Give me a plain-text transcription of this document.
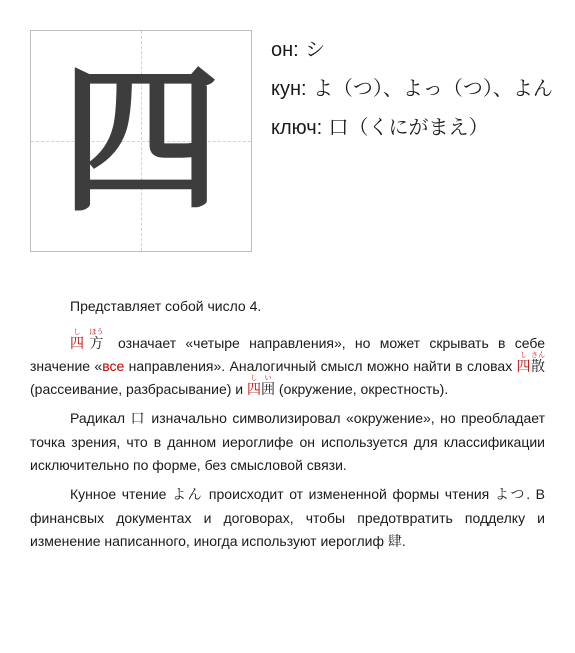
四	он: シ
кун: よ（つ）、よっ（つ）、よん
ключ: 口（くにがまえ）

Представляет собой число 4.

四し方ほう означает «четыре направления», но может скрывать в себе значение «все направления». Аналогичный смысл можно найти в словах 四し散さん (рассеивание, разбрасывание) и 四し囲い (окружение, окрестность).

Радикал 口 изначально символизировал «окружение», но преобладает точка зрения, что в данном иероглифе он используется для классификации исключительно по форме, без смысловой связи.

Кунное чтение よん происходит от измененной формы чтения よつ. В финансвых документах и договорах, чтобы предотвратить подделку и изменение написанного, иногда используют иероглиф 肆.
